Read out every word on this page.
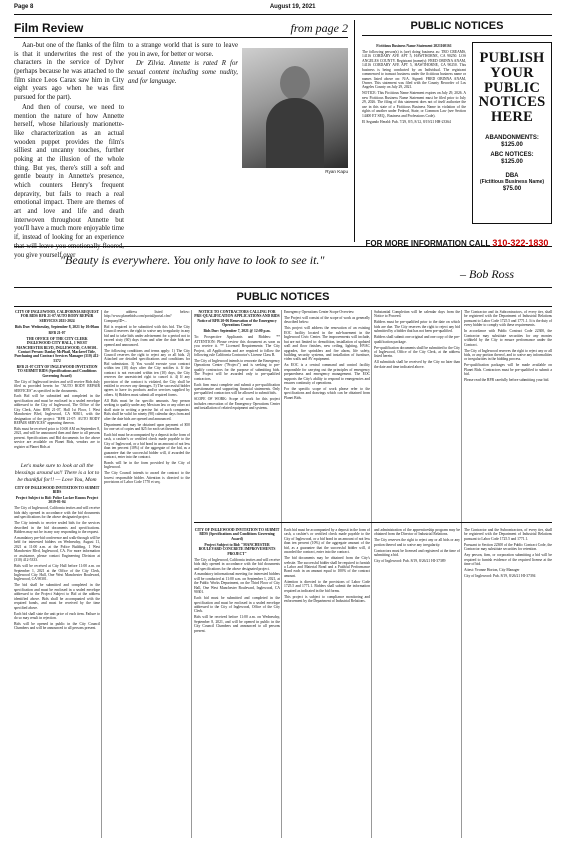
Page 8	August 19, 2021
Film Review	from page 2

Aan-but one of the flanks of the film is that it underwrites the rest of the characters in the service of Dylver (perhaps because he was attached to the film since Leos Carax saw him in City eight years ago when he was first pursued for the part).

And then of course, we need to mention the nature of how Annette herself, whose hilariously marionette-like characterization as an actual wooden puppet provides the film's silliest and uncanny touches, further poking at the illusion of the whole thing. But yes, there's still a soft and gentle beauty in Annette's presence, which counters Henry's frequent depravity, but fails to reach a real emotional impact. There are themes of art and love and life and death interwoven throughout Annette but you'll have a much more enjoyable time if, instead of looking for an experience that will leave you emotionally floored, you give yourself over

to a strange world that is sure to leave you in awe, for better or worse.

Dr Zilvia. Annette is rated R for sexual content including some nudity, and for language.

Ryan Kapu
PUBLIC NOTICES

Fictitious Business Name Statement 2021160161

The following person(s) is (are) doing business as: TRO CREAMS, 14116 CORDARY AVE APT 5, HAWTHORNE, CA 90250. LOS ANGELES COUNTY. Registrant (name(s): FRED OBINNA ANAM, 14116 CORDARY AVE APT 5, HAWTHORNE, CA 90250. This business is being conducted by an Individual. The registrant commenced to transact business under the fictitious business name or names listed above on: N/A. Signed: FRED OBINNA ANAM, Owner. This statement was filed with the County Recorder of Los Angeles County on July 29, 2021.

NOTICE: This Fictitious Name Statement expires on July 29, 2026. A new Fictitious Business Name Statement must be filed prior to July 29, 2026. The filing of this statement does not of itself authorize the use in this state of a Fictitious Business Name in violation of the rights of another under Federal, State, or Common Law (see Section 14400 ET SEQ., Business and Professions Code).

El Segundo Herald: Pub. 7/29, 8/5, 8/12, 8/19/21 HH-23364

PUBLISH
YOUR
PUBLIC
NOTICES
HERE
ABANDONMENTS:
$125.00
ABC NOTICES:
$125.00
DBA
(Fictitious Business Name)
$75.00
FOR MORE INFORMATION CALL 310-322-1830
"Beauty is everywhere. You only have to look to see it."
– Bob Ross
PUBLIC NOTICES

CITY OF INGLEWOOD, CALIFORNIA REQUEST FOR BIDS RFB 21-07 AUTO BODY REPAIR SERVICES 2021-2024

Bids Due: Wednesday, September 8, 2021 by 10:00am

RFB 21-07

THE OFFICE OF THE CITY CLERK INGLEWOOD CITY HALL, 1 WEST MANCHESTER BLVD, INGLEWOOD, CA 90301. Contact Person: Danlay McPhail, Mackerel Title, Purchasing and Contract Services Manager (310) 412-5372

RFB 21-07 CITY OF INGLEWOOD INVITATION TO SUBMIT BIDS (Specifications and Conditions Governing Award)

The City of Inglewood invites and will receive Bids duly filed as provided herein for "AUTO BODY REPAIR SERVICES" as specified in the documents.

Each Bid will be submitted and completed in the specification and must be enclosed in a sealed envelope addressed to the City of Inglewood, The Office of the City Clerk, Attn: RFB 21-07, Hall 1st Floor, 1 West Manchester Blvd, Inglewood, CA 90301, with the designation of the project: "RFB 21-07: AUTO BODY REPAIR SERVICES" appearing thereon.

Bids must be received prior to 10:00 AM on September 8, 2021, and will be announced then and there to all persons present. Specifications and Bid documents for the above service are available on Planet Bids, vendors are to register at Planet Bids at

Let's make sure to look at all the blessings around us!! There is a lot to be thankful for!! — Love You, Mom

CITY OF INGLEWOOD INVITATION TO SUBMIT BIDS

Project Subject to Bid: Police Locker Rooms Project 2019-01-04

The City of Inglewood, California invites and will receive bids duly opened in accordance with the bid documents and specifications for the above designated project.

The City intends to receive sealed bids for the services described in the bid documents and specifications. Bidders may not be in any way responding to the request.

A mandatory pre-bid conference and walk-through will be held for interested bidders on Wednesday, August 11, 2021 at 11:00 a.m. at the Police Building, 1 West Manchester Blvd, Inglewood, CA. For more information or assistance, please contact Engineering Division at (310) 412-5333.

Bids will be received at City Hall before 11:00 a.m. on September 1, 2021 at the Office of the City Clerk, Inglewood City Hall, One West Manchester Boulevard, Inglewood, CA 90301.

The bid shall be submitted and completed in the specification and must be enclosed in a sealed envelope addressed to the Project Subject to Bid at the address identified above. Bids shall be accompanied with the required bonds, and must be received by the time specified above.

Each bid shall state the unit price of each item. Failure to do so may result in rejection.

Bids will be opened in public in the City Council Chambers and will be announced to all persons present.

the address listed below: http://www.planetbids.com/portal/portal.cfm?CompanyID=...

Bid is required to be submitted with this bid. The City Council reserves the right to waive any irregularity in any bid and to take bids under advisement for a period not to exceed sixty (60) days from and after the date bids are opened and announced.

The following conditions and terms apply: 1) The City Council reserves the right to reject any or all bids. 2) Attached are detailed specifications and conditions for Bid submission. 3) You would execute your contract within ten (10) days after the City notifies it. If the contract is not executed within ten (10) days, the City reserves the unrestricted right to cancel it. 4) If any provision of the contract is violated, the City shall be entitled to recover any damages. 5) The successful bidder agrees to have its products and/or services supplied by others. 6) Bidders must submit all required forms.

All Bids must be for specific amounts. Any person seeking to qualify under any Mexican law or any other act shall state in writing a precise list of such companies. Bids shall be valid for ninety (90) calendar days from and after the date bids are opened and announced.

Department and may be obtained upon payment of $50 for one set of copies and $25 for each set thereafter.

Each bid must be accompanied by a deposit in the form of cash, a cashier's or certified check made payable to the City of Inglewood, or a bid bond in an amount of not less than ten percent (10%) of the aggregate of the bid, as a guarantee that the successful bidder will, if awarded the contract, enter into the contract.

Bonds will be in the form provided by the City of Inglewood.

The City Council intends to award the contract to the lowest responsible bidder. Attention is directed to the provisions of Labor Code 1770 et seq.

NOTICE TO CONTRACTORS CALLING FOR PRE-QUALIFICATION APPLICATIONS AND BIDS Notice of RFB 20-06 Renovation of the Emergency Operations Center

Bids Due: September 7, 2021 @ 12:00 p.m.

To: Prospective Applicants and Bidders: ** ATTENTION: Please review this document as soon as you receive it. ** Licensed Requirements: The City Project, all Applications and are required to follow the following rule California Contractor's License Class B.

The City of Inglewood intends to renovate the Emergency Operations Center ("Project") and is seeking to pre-qualify contractors for the purpose of submitting bids. The Project will be awarded only to pre-qualified contractors.

Each firm must complete and submit a pre-qualification questionnaire and supporting financial statements. Only pre-qualified contractors will be allowed to submit bids.

SCOPE OF WORK: Scope of work for this project includes renovation of the Emergency Operations Center and installation of related equipment and systems.

Emergency Operations Center Scope Overview

The Project will consist of the scope of work as generally described below:

This project will address the renovation of an existing EOC facility located in the sub-basement in the Inglewood Civic Center. The improvements will include, but are not limited to: demolition, installation of updated wall and floor finishes, new ceiling, lighting, HVAC upgrades, fire sprinklers and fire alarm, life safety, building security systems, and installation of furniture, video walls and AV equipment.

An EOC is a central command and control facility responsible for carrying out the principles of emergency preparedness and emergency management. The EOC supports the City's ability to respond to emergencies and ensures continuity of operations.

For the specific scope of work please refer to the specifications and drawings which can be obtained from Planet Bids.

Substantial Completion will be calendar days from the Notice to Proceed.

Bidders must be pre-qualified prior to the date on which bids are due. The City reserves the right to reject any bid submitted by a bidder that has not been pre-qualified.

Bidders shall submit one original and one copy of the pre-qualification package.

Pre-qualification documents shall be submitted to the City of Inglewood, Office of the City Clerk, at the address listed herein.

All submittals shall be received by the City no later than the date and time indicated above.

The Contractor and its Subcontractors, of every tier, shall be registered with the Department of Industrial Relations pursuant to Labor Code 1725.5 and 1771.1. It is the duty of every bidder to comply with these requirements.

In accordance with Public Contract Code 22300, the Contractor may substitute securities for any monies withheld by the City to ensure performance under the Contract.

The City of Inglewood reserves the right to reject any or all bids, or any portion thereof, and to waive any informalities or irregularities in the bidding process.

Pre-qualification packages will be made available on Planet Bids. Contractors must be pre-qualified to submit a bid.

Please read the RFB carefully before submitting your bid.

CITY OF INGLEWOOD INVITATION TO SUBMIT BIDS (Specifications and Conditions Governing Award)

Project Subject to Bid: "MANCHESTER BOULEVARD CONCRETE IMPROVEMENTS PROJECT"

The City of Inglewood, California invites and will receive bids duly opened in accordance with the bid documents and specifications for the above designated project.

A mandatory informational meeting for interested bidders will be conducted at 11:00 a.m. on September 1, 2021, at the Public Works Department, on the Third Floor of City Hall, One West Manchester Boulevard, Inglewood, CA 90301.

Each bid must be submitted and completed in the specification and must be enclosed in a sealed envelope addressed to the City of Inglewood, Office of the City Clerk.

Bids will be received before 11:00 a.m. on Wednesday, September 8, 2021, and will be opened in public in the City Council Chambers and announced to all persons present.

Each bid must be accompanied by a deposit in the form of cash, a cashier's or certified check made payable to the City of Inglewood, or a bid bond in an amount of not less than ten percent (10%) of the aggregate amount of the bid, as a guarantee that the successful bidder will, if awarded the contract, enter into the contract.

The bid documents may be obtained from the City's website. The successful bidder shall be required to furnish a Labor and Material Bond and a Faithful Performance Bond each in an amount equal to 100% of the contract amount.

Attention is directed to the provisions of Labor Code 1725.5 and 1771.1. Bidders shall submit the information required as indicated in the bid forms.

This project is subject to compliance monitoring and enforcement by the Department of Industrial Relations.

and administration of the apprenticeship program may be obtained from the Director of Industrial Relations.

The City reserves the right to reject any or all bids or any portion thereof and to waive any irregularity.

Contractors must be licensed and registered at the time of submitting a bid.

City of Inglewood: Pub. 8/19, 8/26/21 HI-37389

The Contractor and the Subcontractors, of every tier, shall be registered with the Department of Industrial Relations pursuant to Labor Code 1725.5 and 1771.1.

Pursuant to Section 22300 of the Public Contract Code, the Contractor may substitute securities for retention.

Any person, firm, or corporation submitting a bid will be required to furnish evidence of the required license at the time of bid.

Attest: Yvonne Horton, City Manager

City of Inglewood: Pub. 8/19, 8/26/21 HI-37394
